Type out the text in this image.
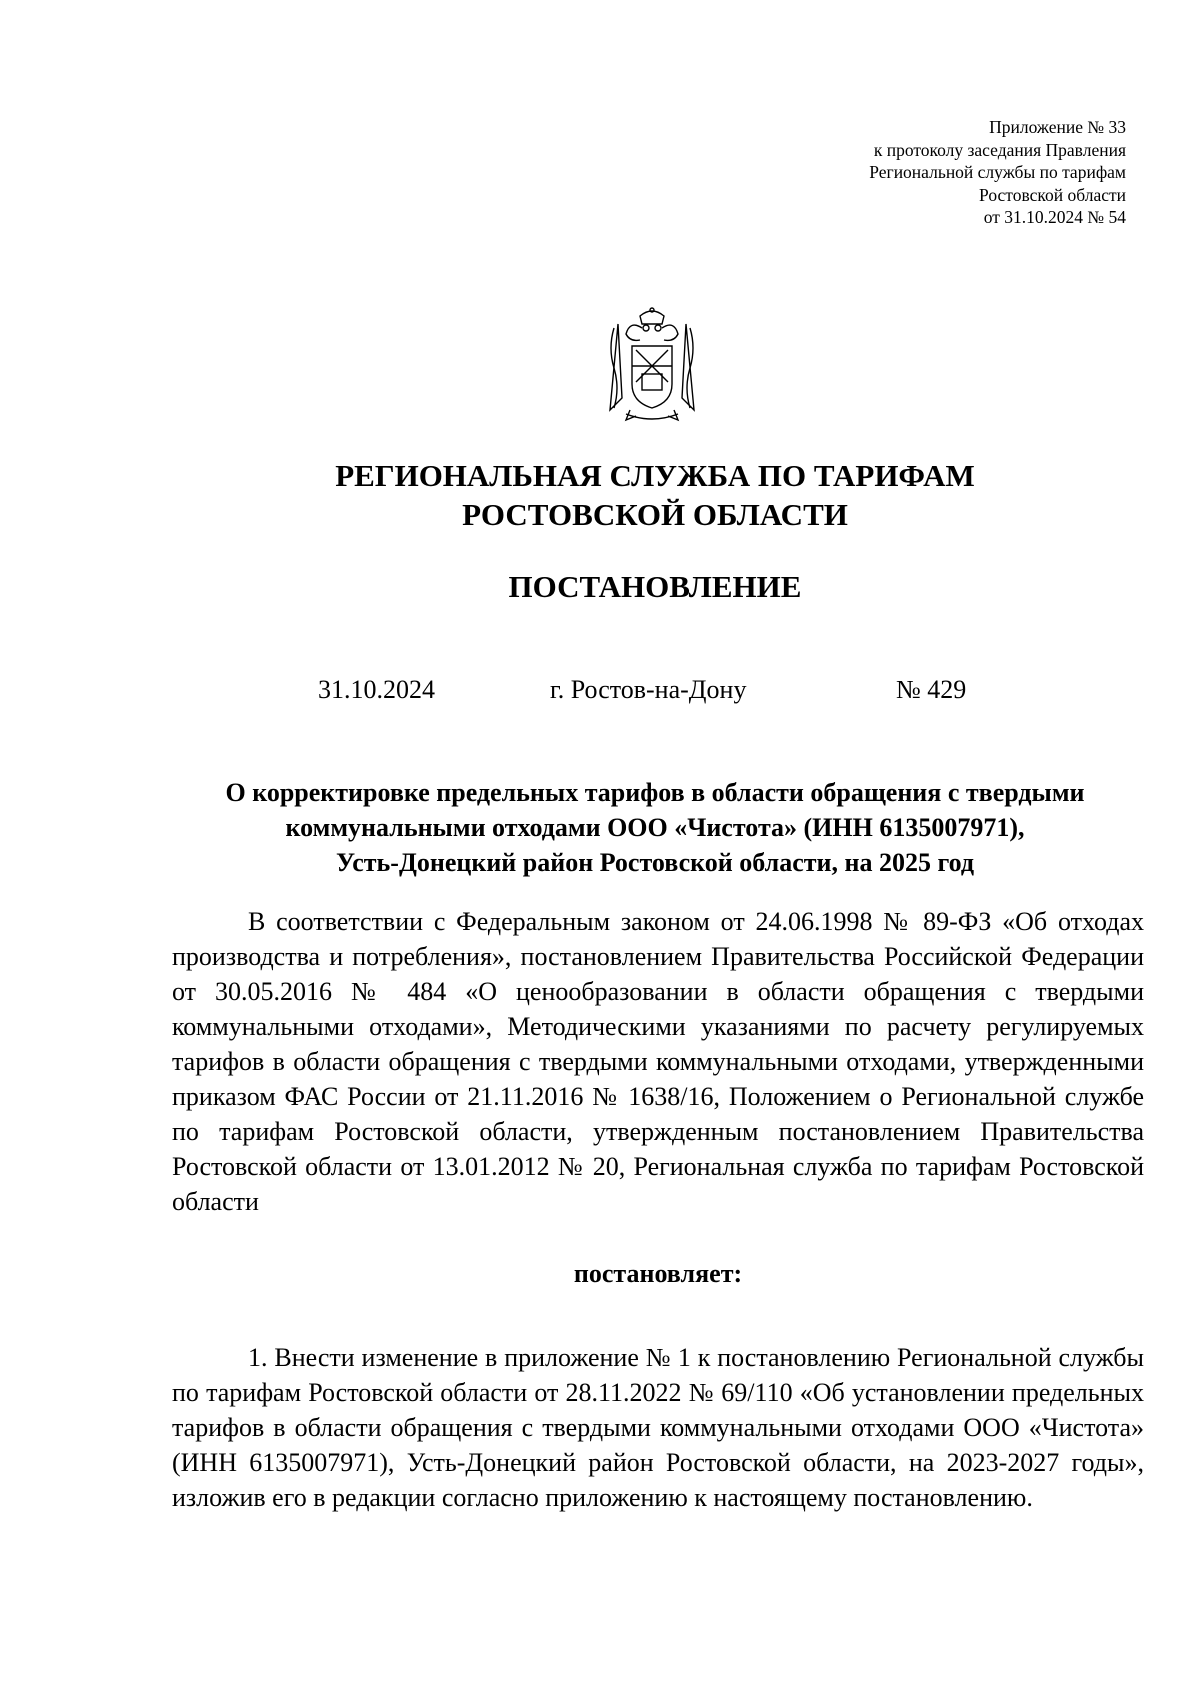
Приложение № 33
к протоколу заседания Правления
Региональной службы по тарифам
Ростовской области
от 31.10.2024 № 54
РЕГИОНАЛЬНАЯ СЛУЖБА ПО ТАРИФАМ
РОСТОВСКОЙ ОБЛАСТИ
ПОСТАНОВЛЕНИЕ
31.10.2024	г. Ростов-на-Дону	№ 429
О корректировке предельных тарифов в области обращения с твердыми
коммунальными отходами ООО «Чистота» (ИНН 6135007971),
Усть-Донецкий район Ростовской области, на 2025 год

В соответствии с Федеральным законом от 24.06.1998 № 89-ФЗ «Об отходах производства и потребления», постановлением Правительства Российской Федерации от 30.05.2016 № 484 «О ценообразовании в области обращения с твердыми коммунальными отходами», Методическими указаниями по расчету регулируемых тарифов в области обращения с твердыми коммунальными отходами, утвержденными приказом ФАС России от 21.11.2016 № 1638/16, Положением о Региональной службе по тарифам Ростовской области, утвержденным постановлением Правительства Ростовской области от 13.01.2012 № 20, Региональная служба по тарифам Ростовской области

постановляет:

1. Внести изменение в приложение № 1 к постановлению Региональной службы по тарифам Ростовской области от 28.11.2022 № 69/110 «Об установлении предельных тарифов в области обращения с твердыми коммунальными отходами ООО «Чистота» (ИНН 6135007971), Усть-Донецкий район Ростовской области, на 2023-2027 годы», изложив его в редакции согласно приложению к настоящему постановлению.
